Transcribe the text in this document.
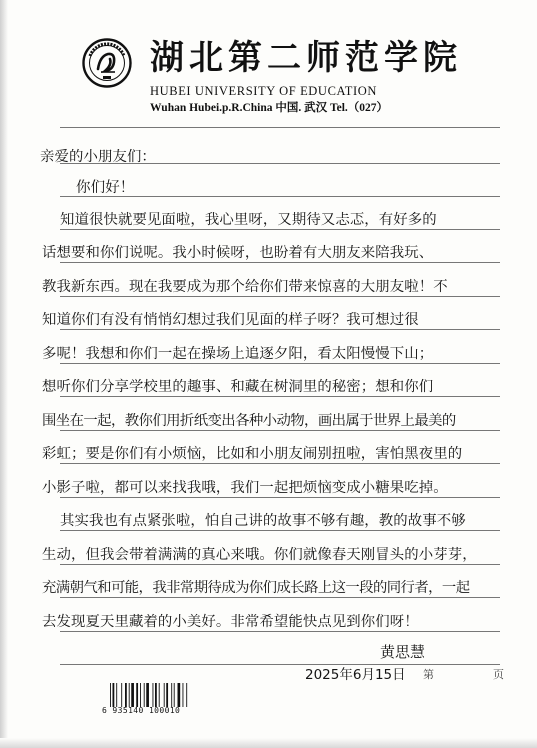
湖北第二师范学院
HUBEI UNIVERSITY OF EDUCATION
Wuhan Hubei.p.R.China 中国. 武汉 Tel.（027）
亲爱的小朋友们：
你们好！
知道很快就要见面啦，我心里呀，又期待又忐忑，有好多的
话想要和你们说呢。我小时候呀，也盼着有大朋友来陪我玩、
教我新东西。现在我要成为那个给你们带来惊喜的大朋友啦！不
知道你们有没有悄悄幻想过我们见面的样子呀？我可想过很
多呢！我想和你们一起在操场上追逐夕阳，看太阳慢慢下山；
想听你们分享学校里的趣事、和藏在树洞里的秘密；想和你们
围坐在一起，教你们用折纸变出各种小动物，画出属于世界上最美的
彩虹；要是你们有小烦恼，比如和小朋友闹别扭啦，害怕黑夜里的
小影子啦，都可以来找我哦，我们一起把烦恼变成小糖果吃掉。
其实我也有点紧张啦，怕自己讲的故事不够有趣，教的故事不够
生动，但我会带着满满的真心来哦。你们就像春天刚冒头的小芽芽，
充满朝气和可能，我非常期待成为你们成长路上这一段的同行者，一起
去发现夏天里藏着的小美好。非常希望能快点见到你们呀！
黄思慧
2025年6月15日 第	页
6 935140 100010
